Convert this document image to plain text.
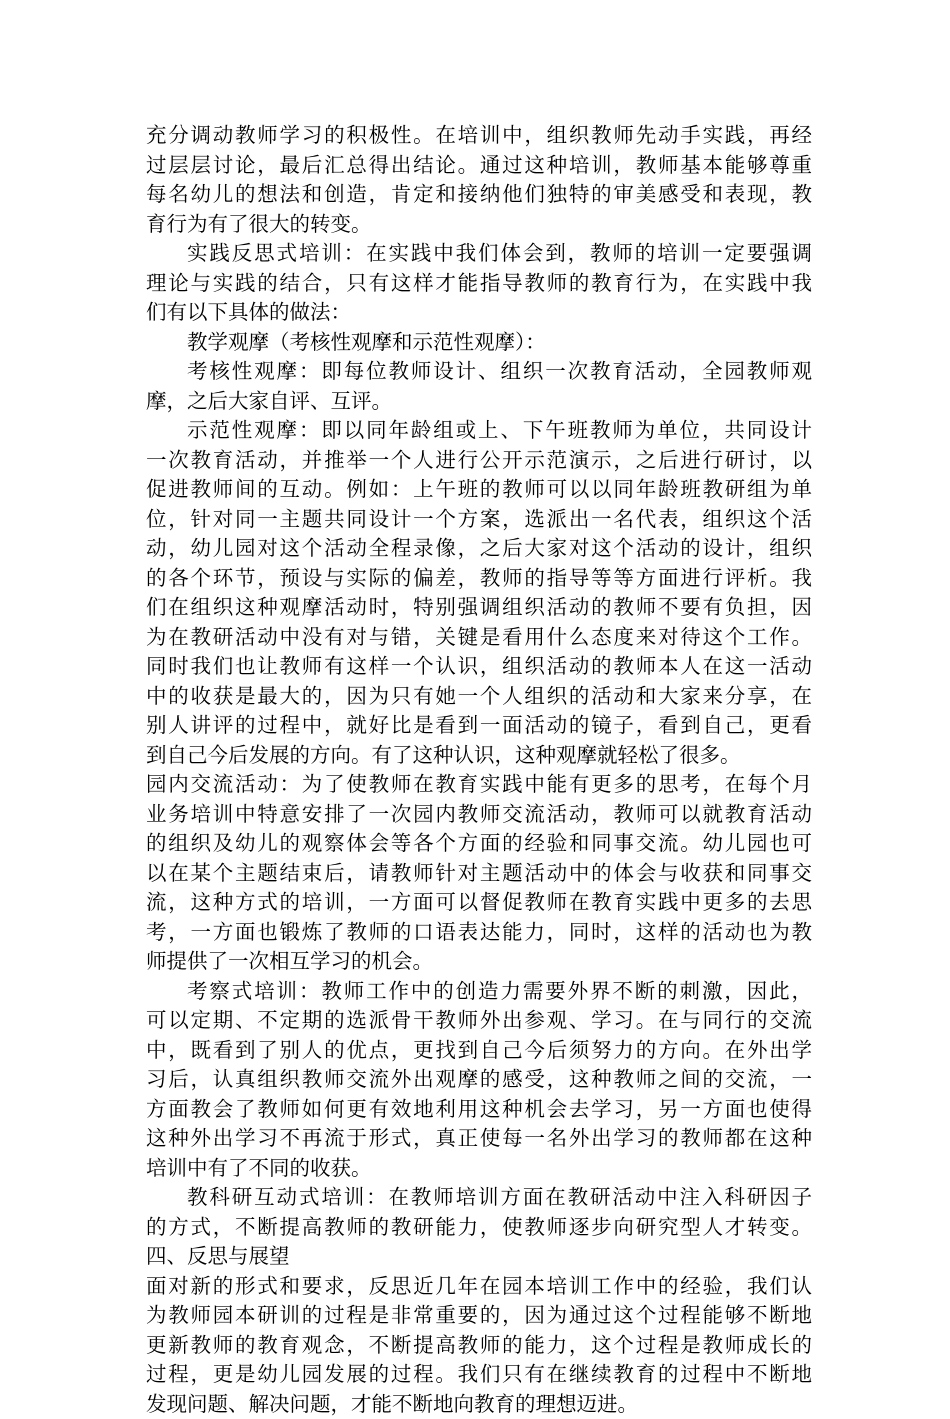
充分调动教师学习的积极性。在培训中，组织教师先动手实践，再经
过层层讨论，最后汇总得出结论。通过这种培训，教师基本能够尊重
每名幼儿的想法和创造，肯定和接纳他们独特的审美感受和表现，教
育行为有了很大的转变。
实践反思式培训：在实践中我们体会到，教师的培训一定要强调
理论与实践的结合，只有这样才能指导教师的教育行为，在实践中我
们有以下具体的做法：
教学观摩（考核性观摩和示范性观摩）：
考核性观摩：即每位教师设计、组织一次教育活动，全园教师观
摩，之后大家自评、互评。
示范性观摩：即以同年龄组或上、下午班教师为单位，共同设计
一次教育活动，并推举一个人进行公开示范演示，之后进行研讨，以
促进教师间的互动。例如：上午班的教师可以以同年龄班教研组为单
位，针对同一主题共同设计一个方案，选派出一名代表，组织这个活
动，幼儿园对这个活动全程录像，之后大家对这个活动的设计，组织
的各个环节，预设与实际的偏差，教师的指导等等方面进行评析。我
们在组织这种观摩活动时，特别强调组织活动的教师不要有负担，因
为在教研活动中没有对与错，关键是看用什么态度来对待这个工作。
同时我们也让教师有这样一个认识，组织活动的教师本人在这一活动
中的收获是最大的，因为只有她一个人组织的活动和大家来分享，在
别人讲评的过程中，就好比是看到一面活动的镜子，看到自己，更看
到自己今后发展的方向。有了这种认识，这种观摩就轻松了很多。
园内交流活动：为了使教师在教育实践中能有更多的思考，在每个月
业务培训中特意安排了一次园内教师交流活动，教师可以就教育活动
的组织及幼儿的观察体会等各个方面的经验和同事交流。幼儿园也可
以在某个主题结束后，请教师针对主题活动中的体会与收获和同事交
流，这种方式的培训，一方面可以督促教师在教育实践中更多的去思
考，一方面也锻炼了教师的口语表达能力，同时，这样的活动也为教
师提供了一次相互学习的机会。
考察式培训：教师工作中的创造力需要外界不断的刺激，因此，
可以定期、不定期的选派骨干教师外出参观、学习。在与同行的交流
中，既看到了别人的优点，更找到自己今后须努力的方向。在外出学
习后，认真组织教师交流外出观摩的感受，这种教师之间的交流，一
方面教会了教师如何更有效地利用这种机会去学习，另一方面也使得
这种外出学习不再流于形式，真正使每一名外出学习的教师都在这种
培训中有了不同的收获。
教科研互动式培训：在教师培训方面在教研活动中注入科研因子
的方式，不断提高教师的教研能力，使教师逐步向研究型人才转变。
四、反思与展望
面对新的形式和要求，反思近几年在园本培训工作中的经验，我们认
为教师园本研训的过程是非常重要的，因为通过这个过程能够不断地
更新教师的教育观念，不断提高教师的能力，这个过程是教师成长的
过程，更是幼儿园发展的过程。我们只有在继续教育的过程中不断地
发现问题、解决问题，才能不断地向教育的理想迈进。
